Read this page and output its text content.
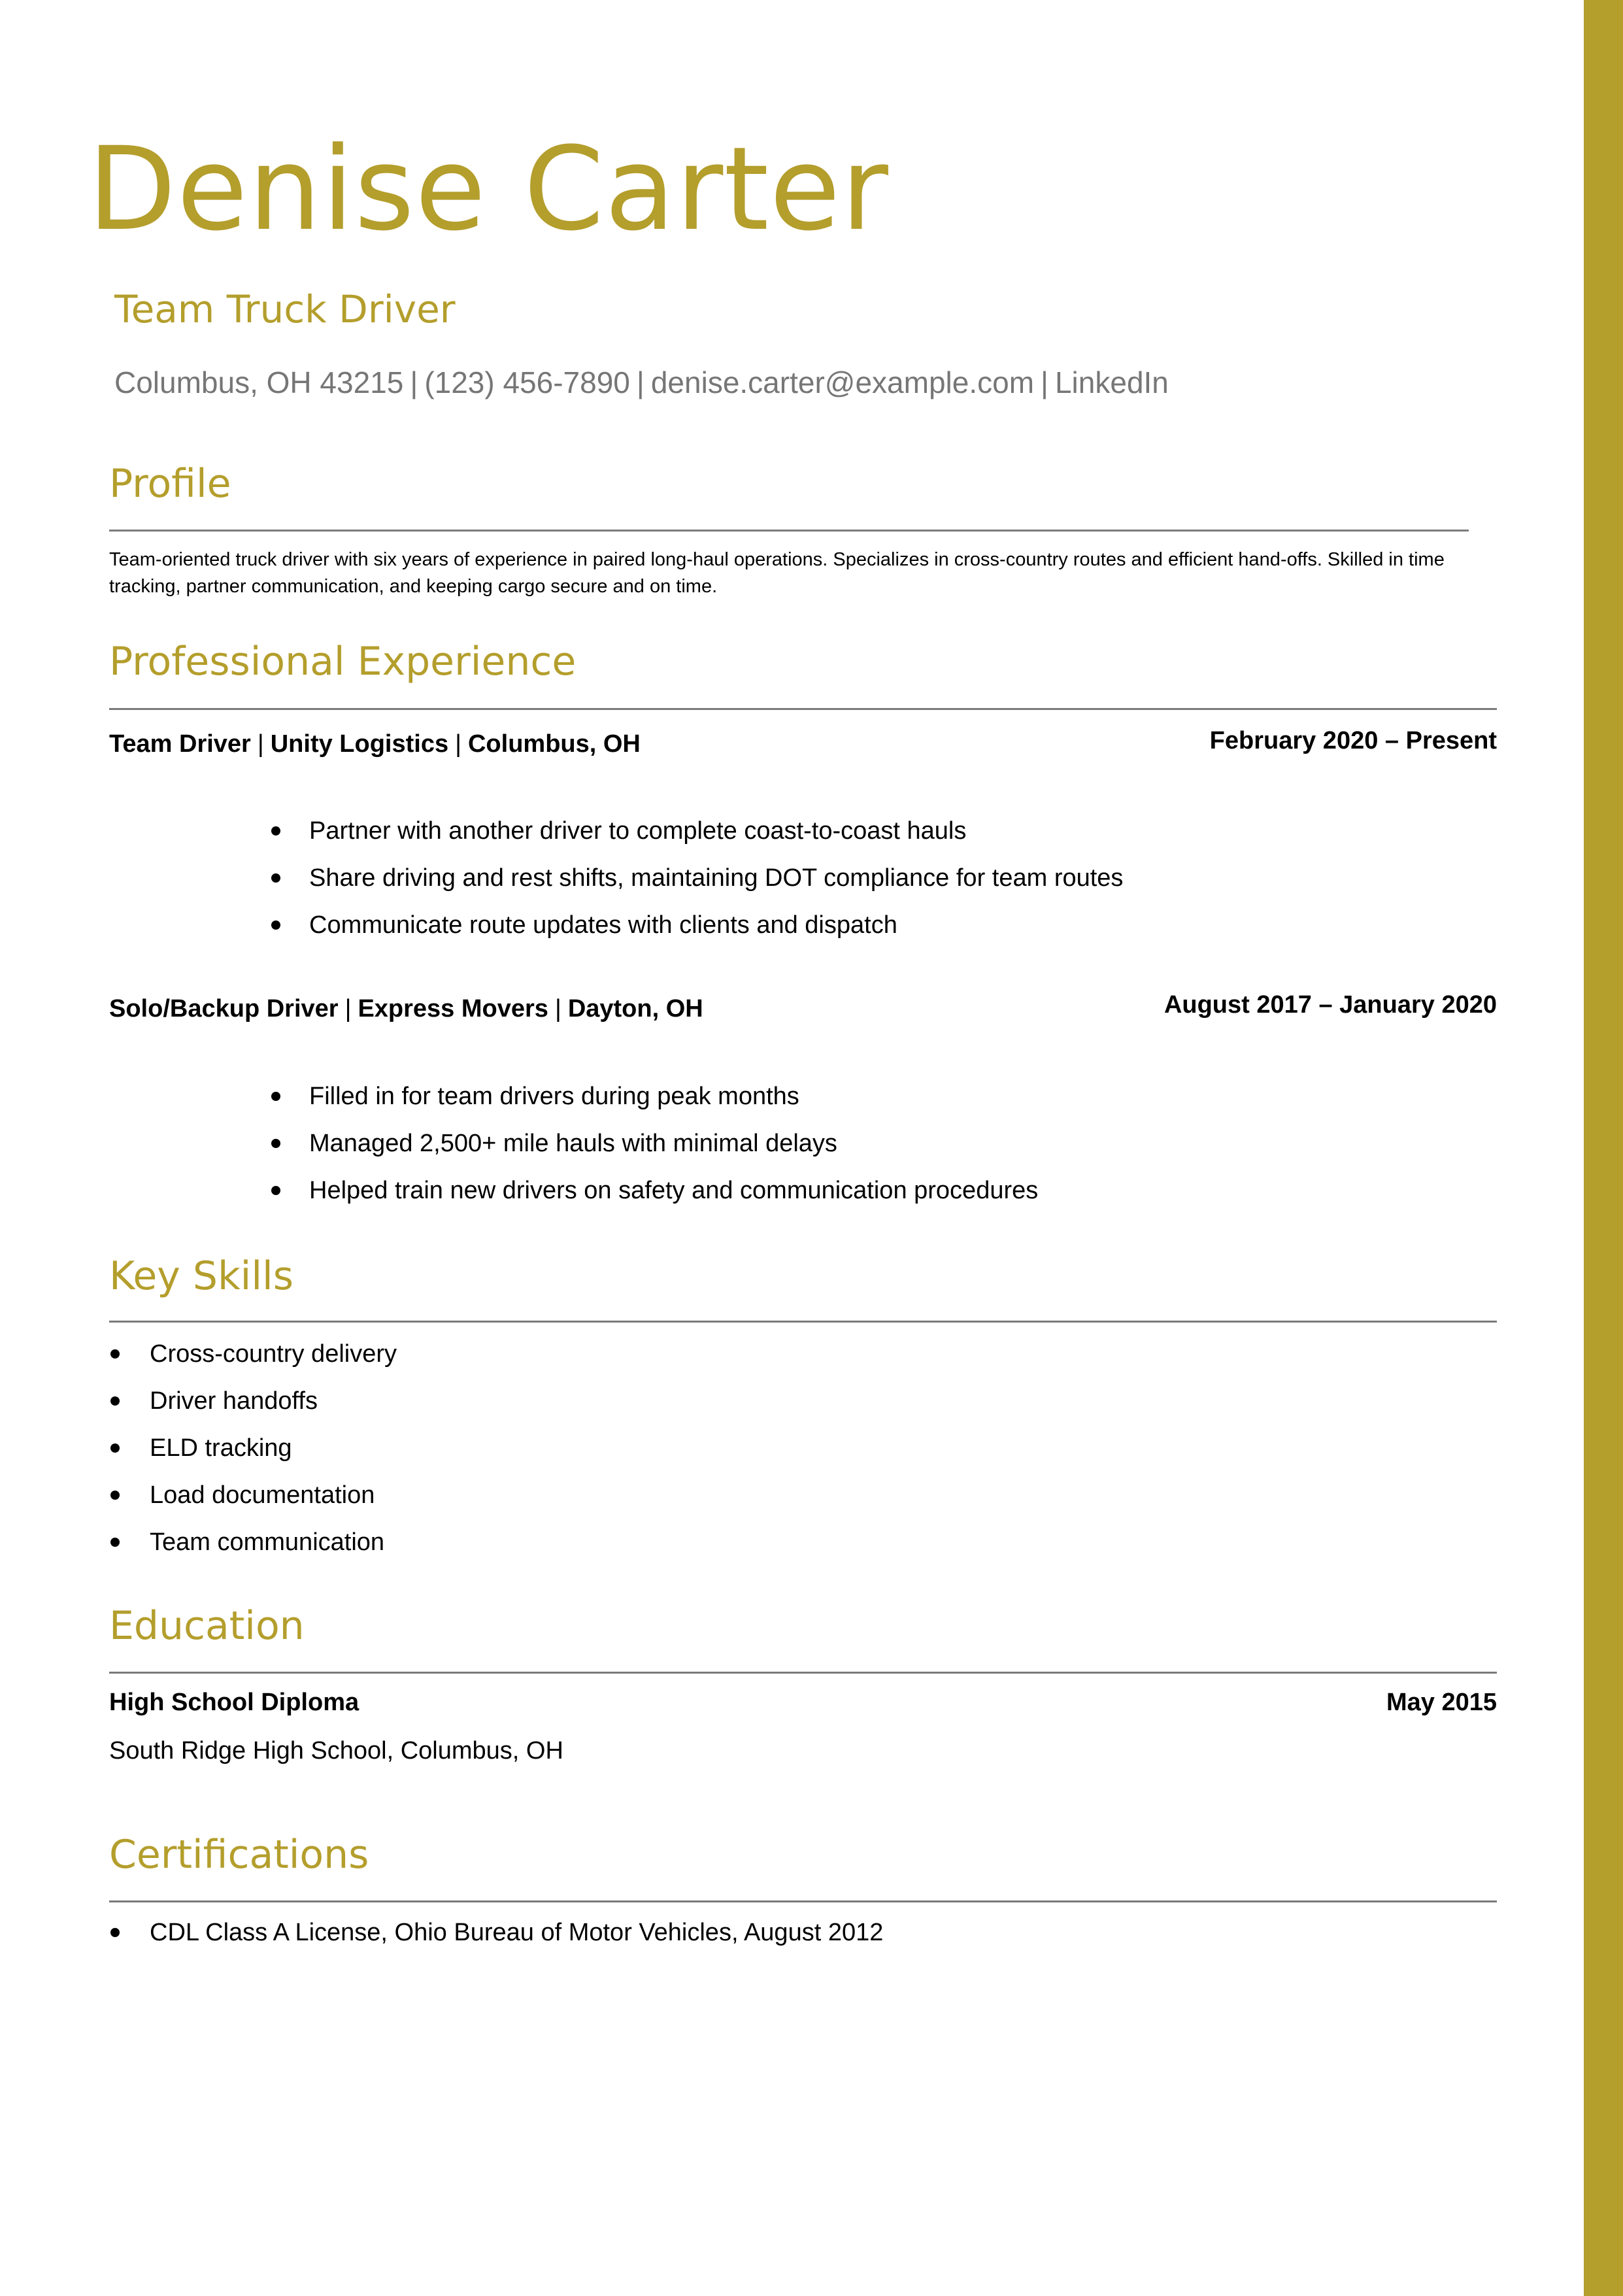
Denise Carter
Team Truck Driver
Columbus, OH 43215 | (123) 456-7890 | denise.carter@example.com | LinkedIn
Profile

Team-oriented truck driver with six years of experience in paired long-haul operations. Specializes in cross-country routes and efficient hand-offs. Skilled in time tracking, partner communication, and keeping cargo secure and on time.

Professional Experience
Team Driver | Unity Logistics | Columbus, OH	February 2020 – Present
Partner with another driver to complete coast-to-coast hauls
Share driving and rest shifts, maintaining DOT compliance for team routes
Communicate route updates with clients and dispatch
Solo/Backup Driver | Express Movers | Dayton, OH	August 2017 – January 2020
Filled in for team drivers during peak months
Managed 2,500+ mile hauls with minimal delays
Helped train new drivers on safety and communication procedures
Key Skills
Cross-country delivery
Driver handoffs
ELD tracking
Load documentation
Team communication
Education
High School Diploma	May 2015
South Ridge High School, Columbus, OH
Certifications
CDL Class A License, Ohio Bureau of Motor Vehicles, August 2012
